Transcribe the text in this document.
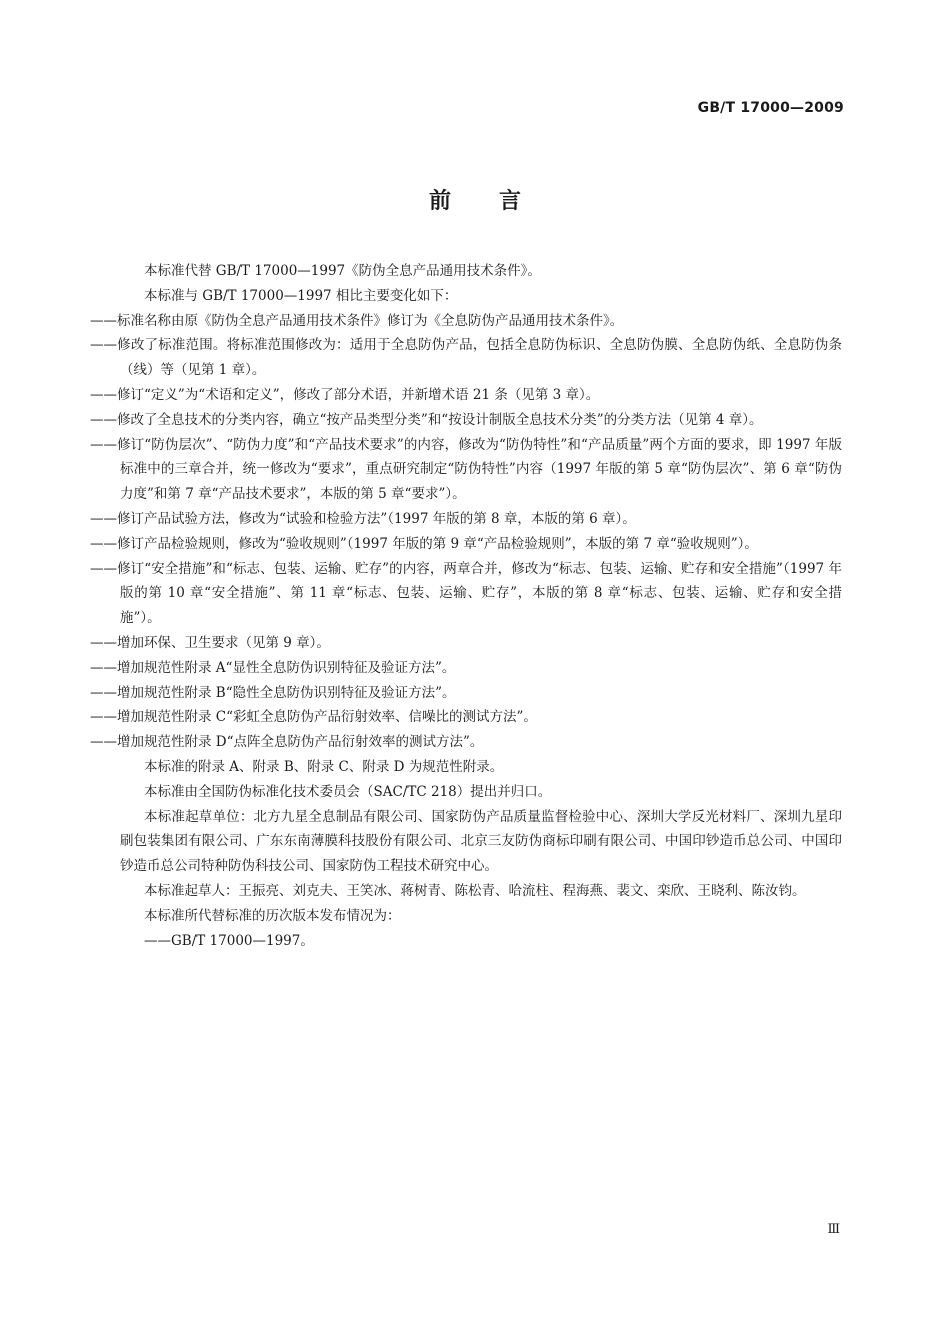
GB/T 17000—2009
前言

本标准代替 GB/T 17000—1997《防伪全息产品通用技术条件》。

本标准与 GB/T 17000—1997 相比主要变化如下：

——标准名称由原《防伪全息产品通用技术条件》修订为《全息防伪产品通用技术条件》。

——修改了标准范围。将标准范围修改为：适用于全息防伪产品，包括全息防伪标识、全息防伪膜、全息防伪纸、全息防伪条（线）等（见第 1 章）。

——修订“定义”为“术语和定义”，修改了部分术语，并新增术语 21 条（见第 3 章）。

——修改了全息技术的分类内容，确立“按产品类型分类”和“按设计制版全息技术分类”的分类方法（见第 4 章）。

——修订“防伪层次”、“防伪力度”和“产品技术要求”的内容，修改为“防伪特性”和“产品质量”两个方面的要求，即 1997 年版标准中的三章合并，统一修改为“要求”，重点研究制定“防伪特性”内容（1997 年版的第 5 章“防伪层次”、第 6 章“防伪力度”和第 7 章“产品技术要求”，本版的第 5 章“要求”）。

——修订产品试验方法，修改为“试验和检验方法”（1997 年版的第 8 章，本版的第 6 章）。

——修订产品检验规则，修改为“验收规则”（1997 年版的第 9 章“产品检验规则”，本版的第 7 章“验收规则”）。

——修订“安全措施”和“标志、包装、运输、贮存”的内容，两章合并，修改为“标志、包装、运输、贮存和安全措施”（1997 年版的第 10 章“安全措施”、第 11 章“标志、包装、运输、贮存”，本版的第 8 章“标志、包装、运输、贮存和安全措施”）。

——增加环保、卫生要求（见第 9 章）。

——增加规范性附录 A“显性全息防伪识别特征及验证方法”。

——增加规范性附录 B“隐性全息防伪识别特征及验证方法”。

——增加规范性附录 C“彩虹全息防伪产品衍射效率、信噪比的测试方法”。

——增加规范性附录 D“点阵全息防伪产品衍射效率的测试方法”。

本标准的附录 A、附录 B、附录 C、附录 D 为规范性附录。

本标准由全国防伪标准化技术委员会（SAC/TC 218）提出并归口。

本标准起草单位：北方九星全息制品有限公司、国家防伪产品质量监督检验中心、深圳大学反光材料厂、深圳九星印刷包装集团有限公司、广东东南薄膜科技股份有限公司、北京三友防伪商标印刷有限公司、中国印钞造币总公司、中国印钞造币总公司特种防伪科技公司、国家防伪工程技术研究中心。

本标准起草人：王振亮、刘克夫、王笑冰、蒋树青、陈松青、哈流柱、程海燕、裴文、栾欣、王晓利、陈汝钧。

本标准所代替标准的历次版本发布情况为：

——GB/T 17000—1997。

Ⅲ
